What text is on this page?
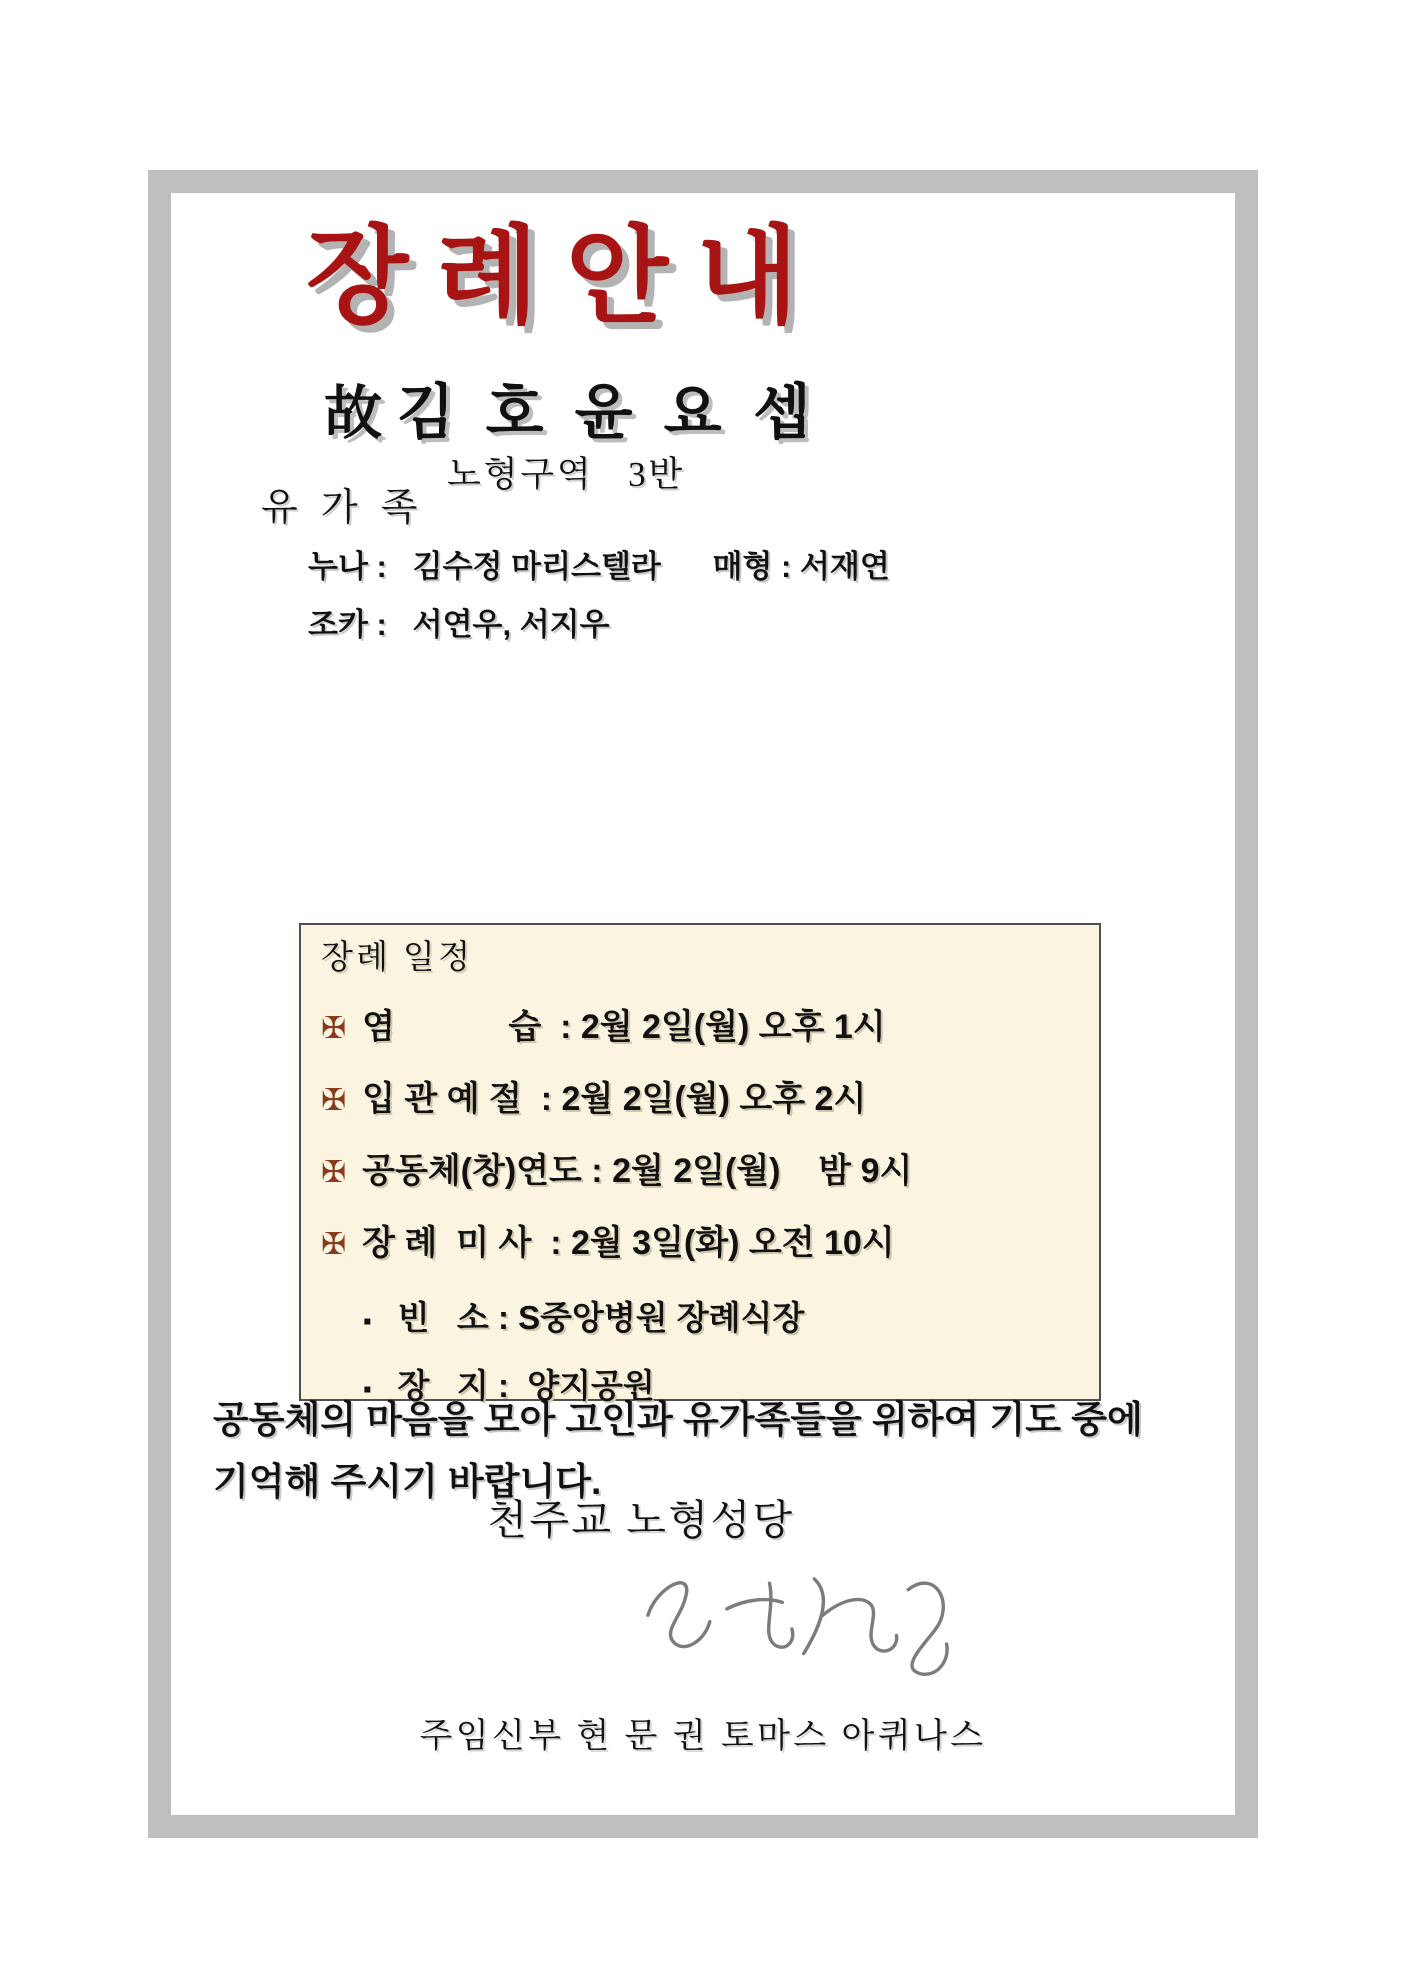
장례안내
故 김 호 윤 요 셉
노형구역   3반
유 가 족
누나 :   김수정 마리스텔라      매형 : 서재연
조카 :   서연우, 서지우
장례 일정
✠ 염            습  : 2월 2일(월) 오후 1시
✠ 입 관 예 절  : 2월 2일(월) 오후 2시
✠ 공동체(창)연도 : 2월 2일(월)    밤 9시
✠ 장 례  미 사  : 2월 3일(화) 오전 10시
▪ 빈   소 : S중앙병원 장례식장
▪ 장   지 :  양지공원
공동체의 마음을 모아 고인과 유가족들을 위하여 기도 중에
기억해 주시기 바랍니다.
천주교 노형성당
주임신부 현 문 권 토마스 아퀴나스
